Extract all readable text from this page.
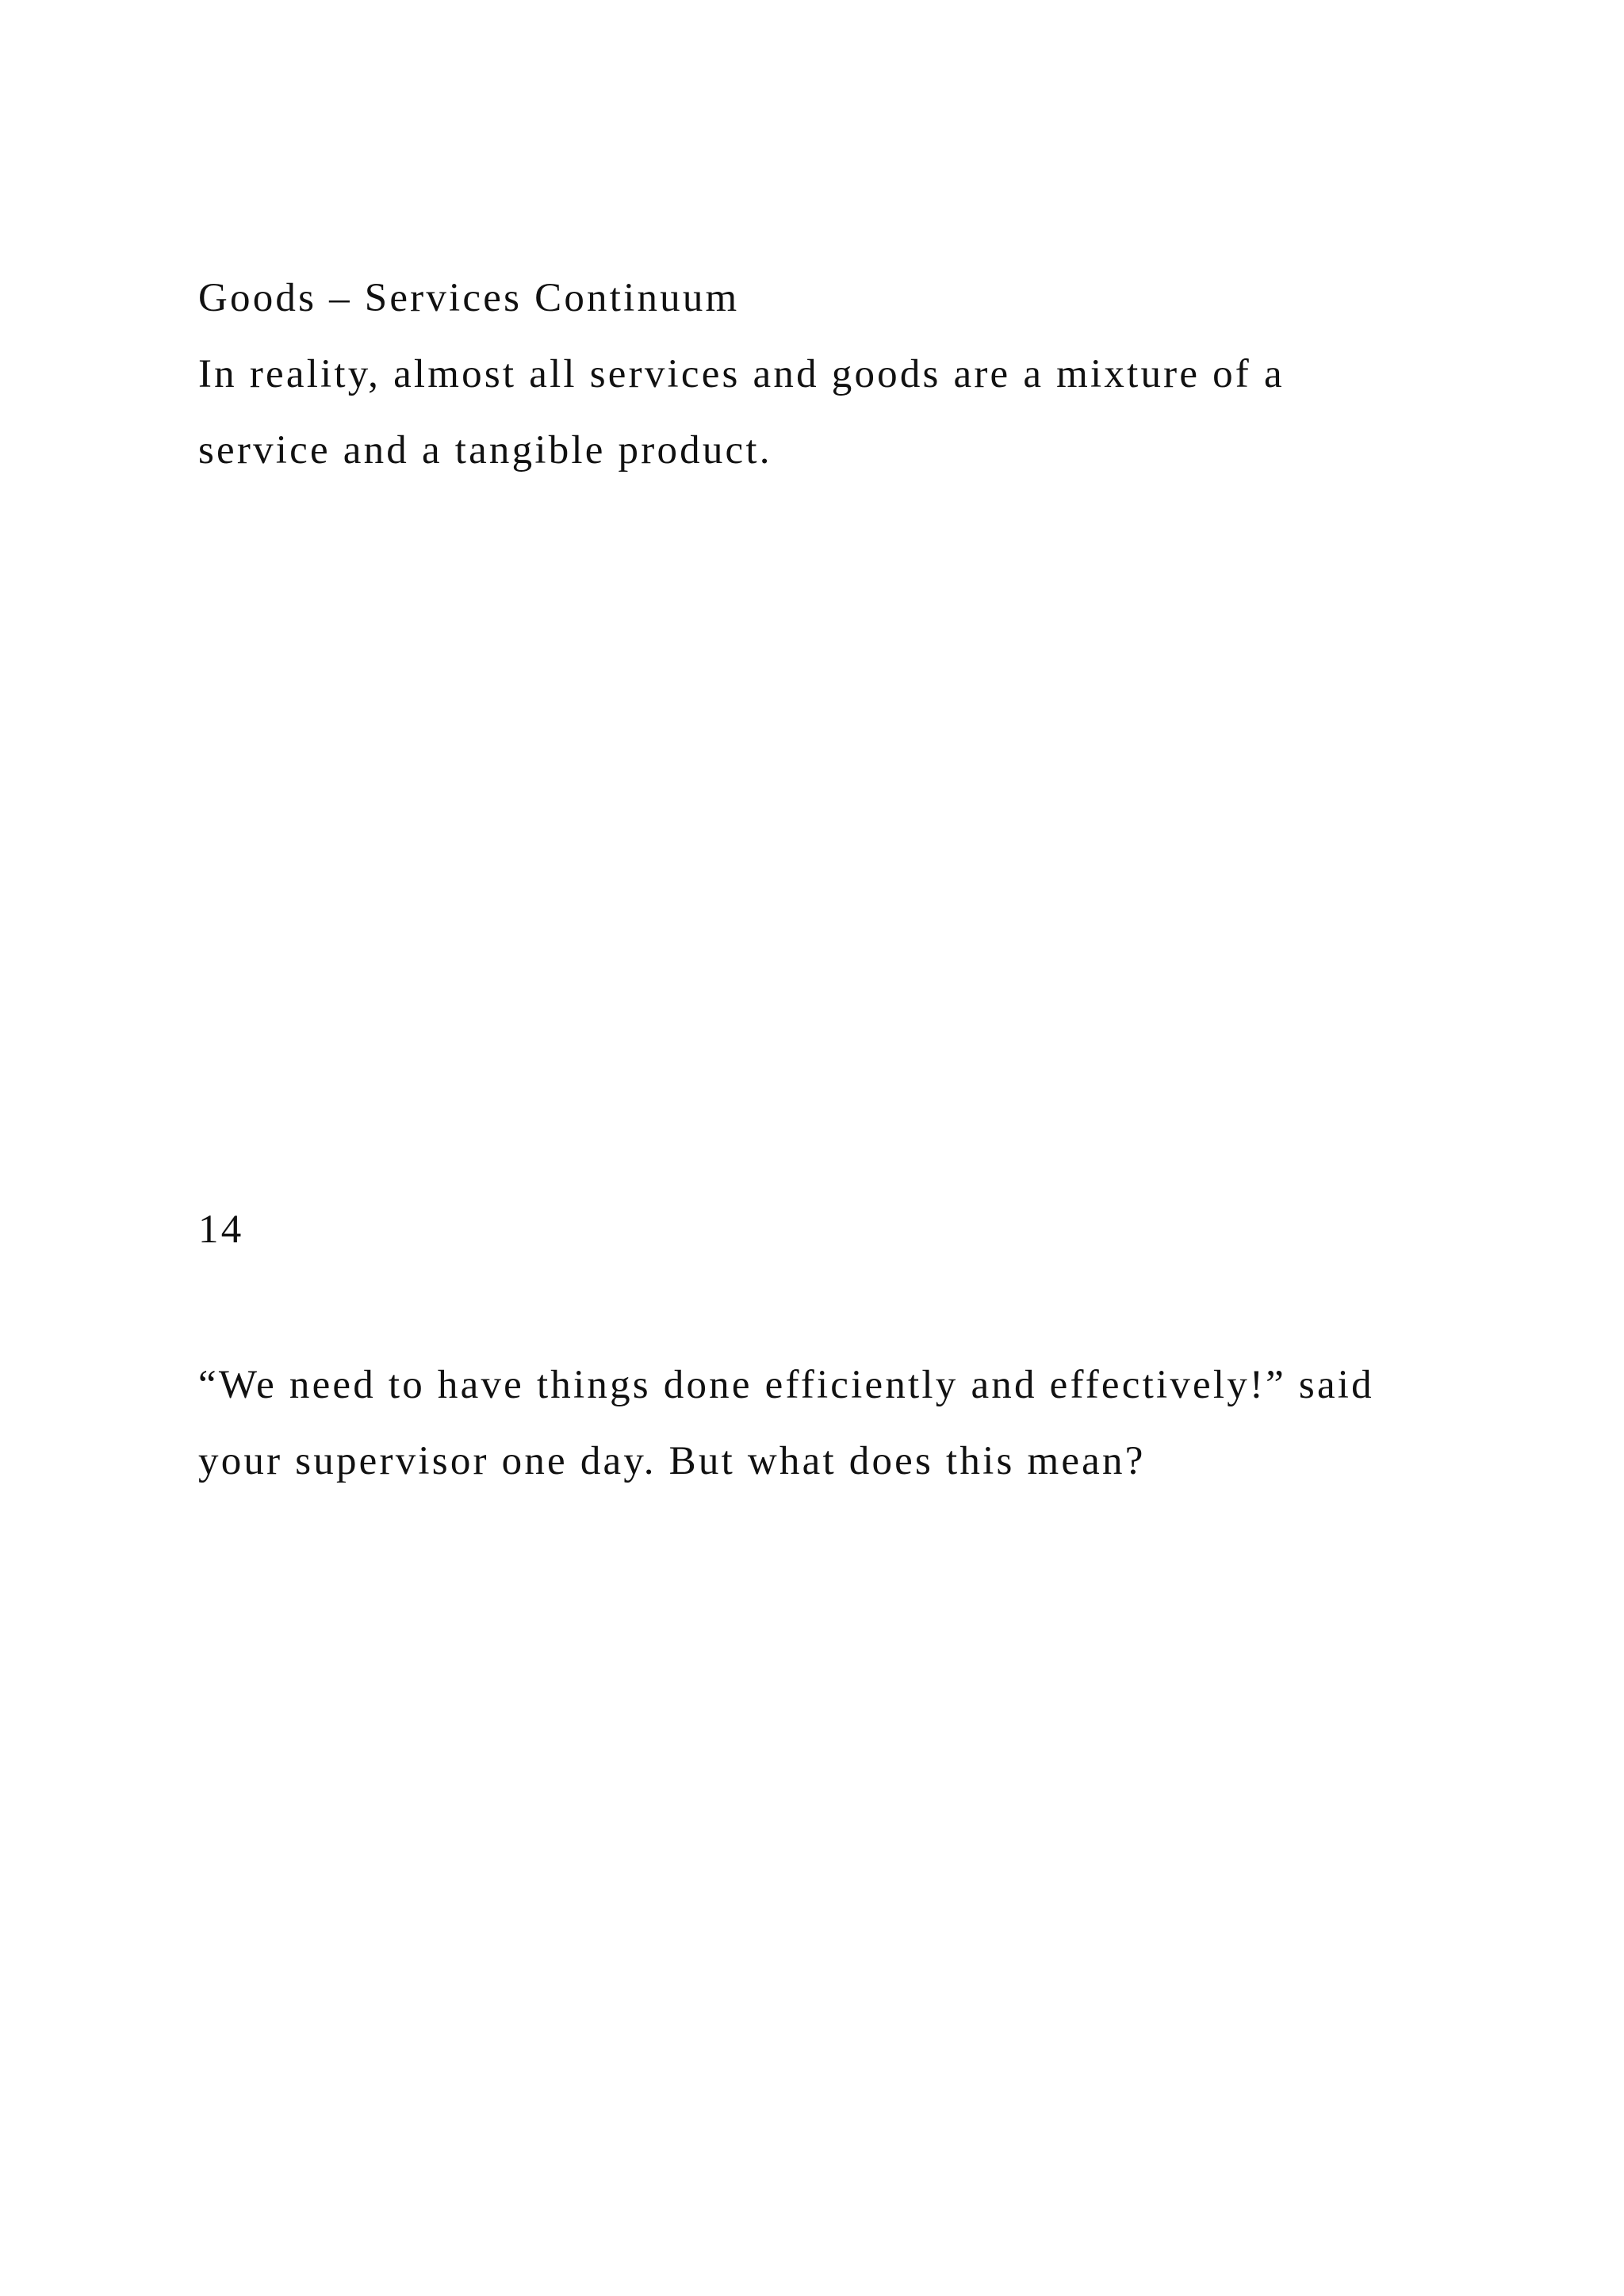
Goods – Services Continuum
In reality, almost all services and goods are a mixture of a
service and a tangible product.
14
“We need to have things done efficiently and effectively!” said
your supervisor one day. But what does this mean?
